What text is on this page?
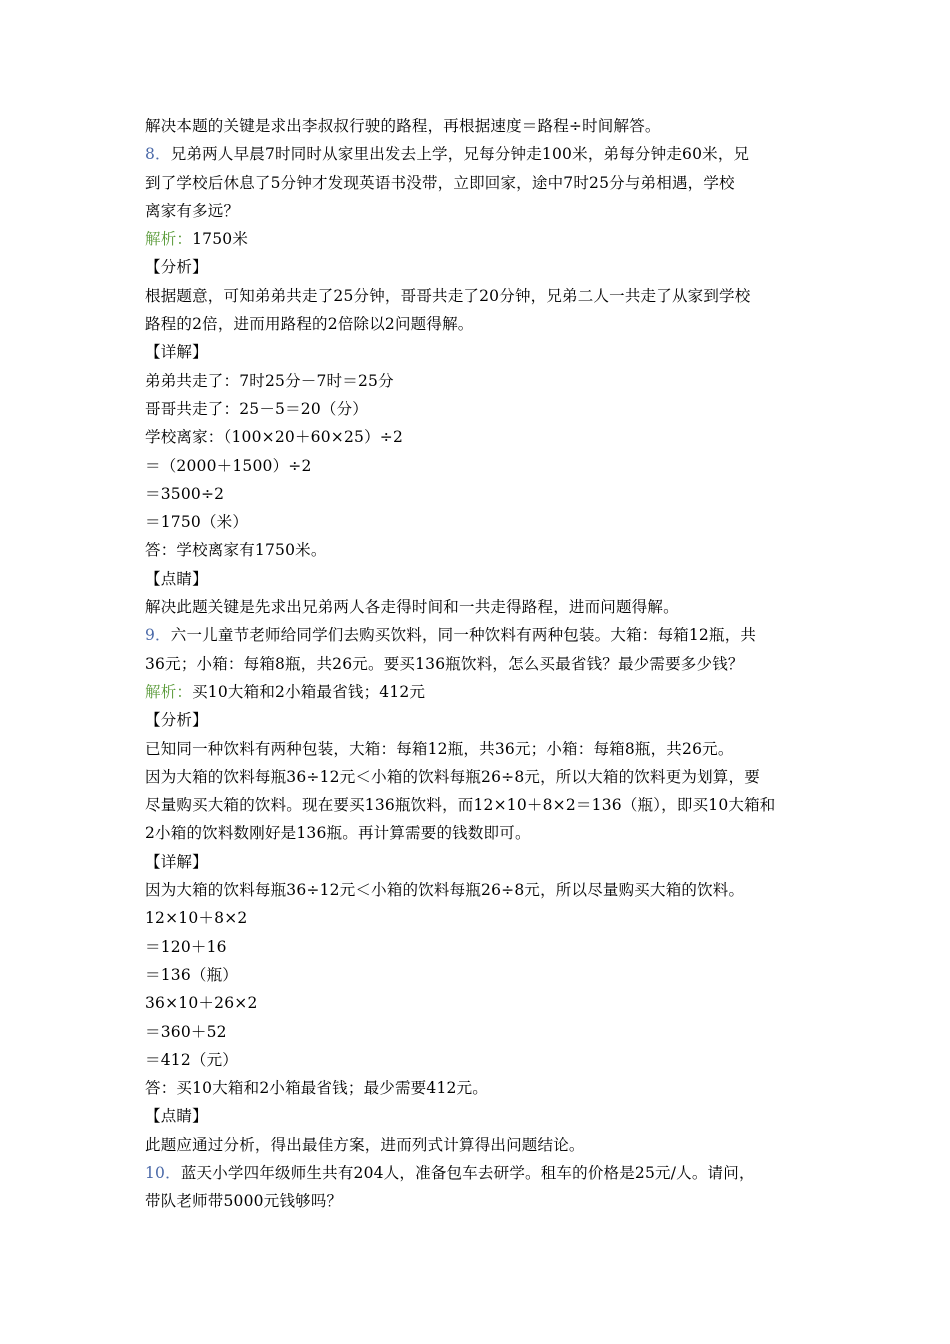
解决本题的关键是求出李叔叔行驶的路程，再根据速度＝路程÷时间解答。
8．兄弟两人早晨7时同时从家里出发去上学，兄每分钟走100米，弟每分钟走60米，兄
到了学校后休息了5分钟才发现英语书没带，立即回家，途中7时25分与弟相遇，学校
离家有多远？
解析：1750米
【分析】
根据题意，可知弟弟共走了25分钟，哥哥共走了20分钟，兄弟二人一共走了从家到学校
路程的2倍，进而用路程的2倍除以2问题得解。
【详解】
弟弟共走了：7时25分－7时＝25分
哥哥共走了：25－5＝20（分）
学校离家：（100×20＋60×25）÷2
＝（2000＋1500）÷2
＝3500÷2
＝1750（米）
答：学校离家有1750米。
【点睛】
解决此题关键是先求出兄弟两人各走得时间和一共走得路程，进而问题得解。
9．六一儿童节老师给同学们去购买饮料，同一种饮料有两种包装。大箱：每箱12瓶，共
36元；小箱：每箱8瓶，共26元。要买136瓶饮料，怎么买最省钱？最少需要多少钱？
解析：买10大箱和2小箱最省钱；412元
【分析】
已知同一种饮料有两种包装，大箱：每箱12瓶，共36元；小箱：每箱8瓶，共26元。
因为大箱的饮料每瓶36÷12元＜小箱的饮料每瓶26÷8元，所以大箱的饮料更为划算，要
尽量购买大箱的饮料。现在要买136瓶饮料，而12×10＋8×2＝136（瓶），即买10大箱和
2小箱的饮料数刚好是136瓶。再计算需要的钱数即可。
【详解】
因为大箱的饮料每瓶36÷12元＜小箱的饮料每瓶26÷8元，所以尽量购买大箱的饮料。
12×10＋8×2
＝120＋16
＝136（瓶）
36×10＋26×2
＝360＋52
＝412（元）
答：买10大箱和2小箱最省钱；最少需要412元。
【点睛】
此题应通过分析，得出最佳方案，进而列式计算得出问题结论。
10．蓝天小学四年级师生共有204人，准备包车去研学。租车的价格是25元/人。请问，
带队老师带5000元钱够吗？
